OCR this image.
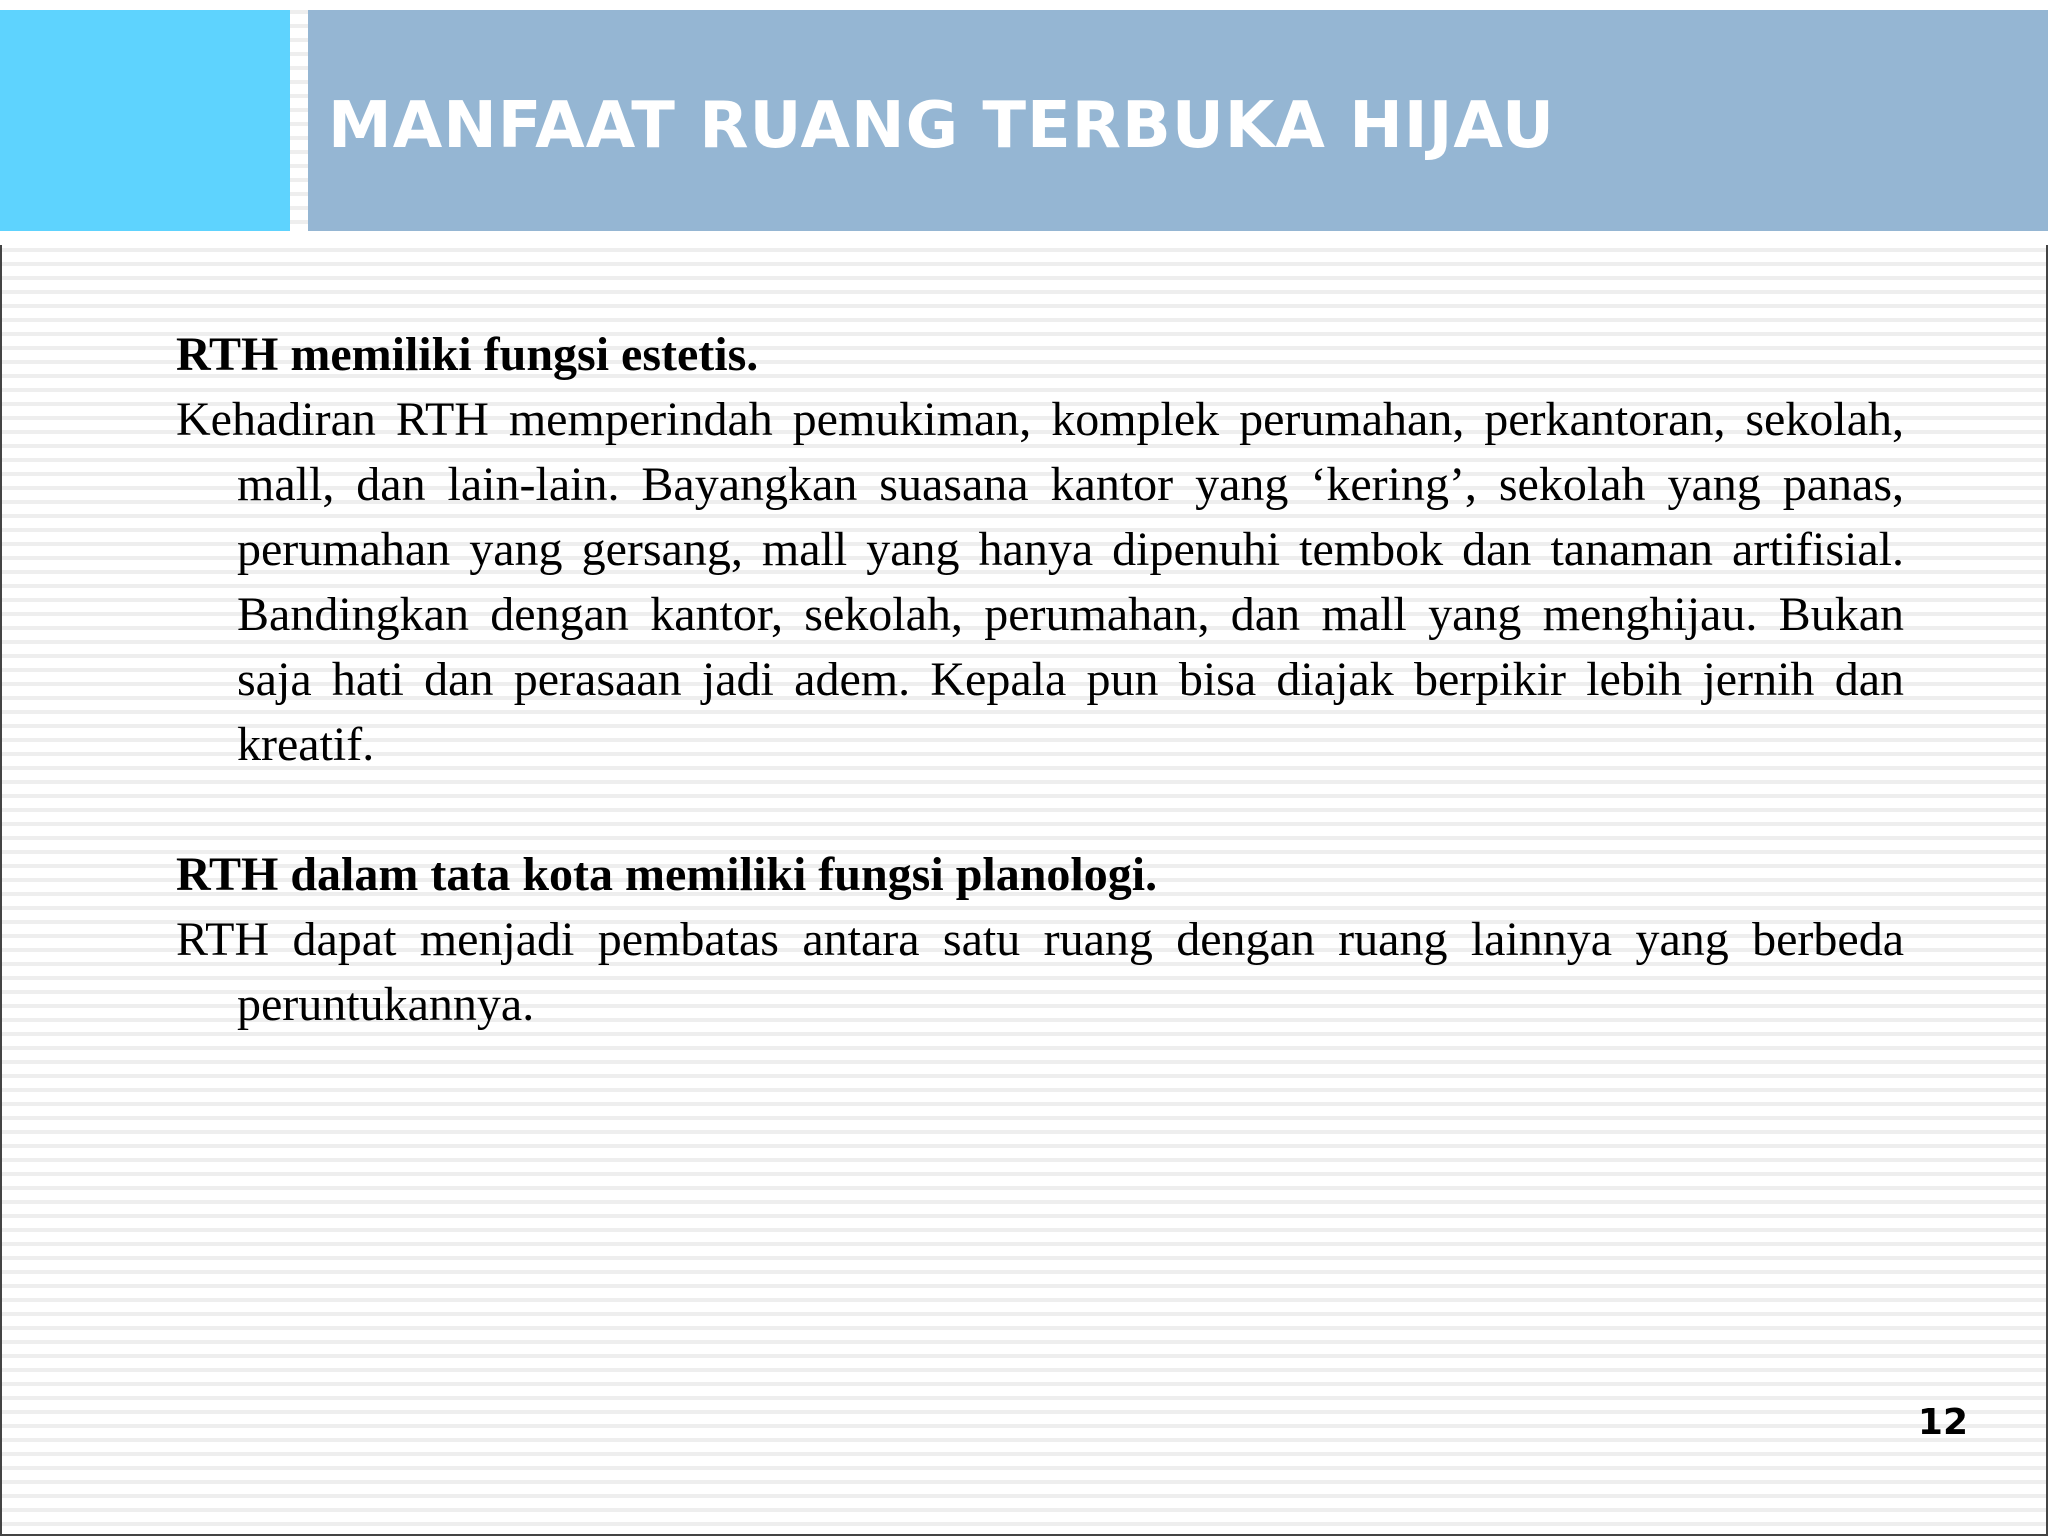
MANFAAT RUANG TERBUKA HIJAU

RTH memiliki fungsi estetis.

Kehadiran RTH memperindah pemukiman, komplek perumahan, perkantoran, sekolah, mall, dan lain-lain. Bayangkan suasana kantor yang ‘kering’, sekolah yang panas, perumahan yang gersang, mall yang hanya dipenuhi tembok dan tanaman artifisial. Bandingkan dengan kantor, sekolah, perumahan, dan mall yang menghijau. Bukan saja hati dan perasaan jadi adem. Kepala pun bisa diajak berpikir lebih jernih dan kreatif.

RTH dalam tata kota memiliki fungsi planologi.

RTH dapat menjadi pembatas antara satu ruang dengan ruang lainnya yang berbeda peruntukannya.

12
